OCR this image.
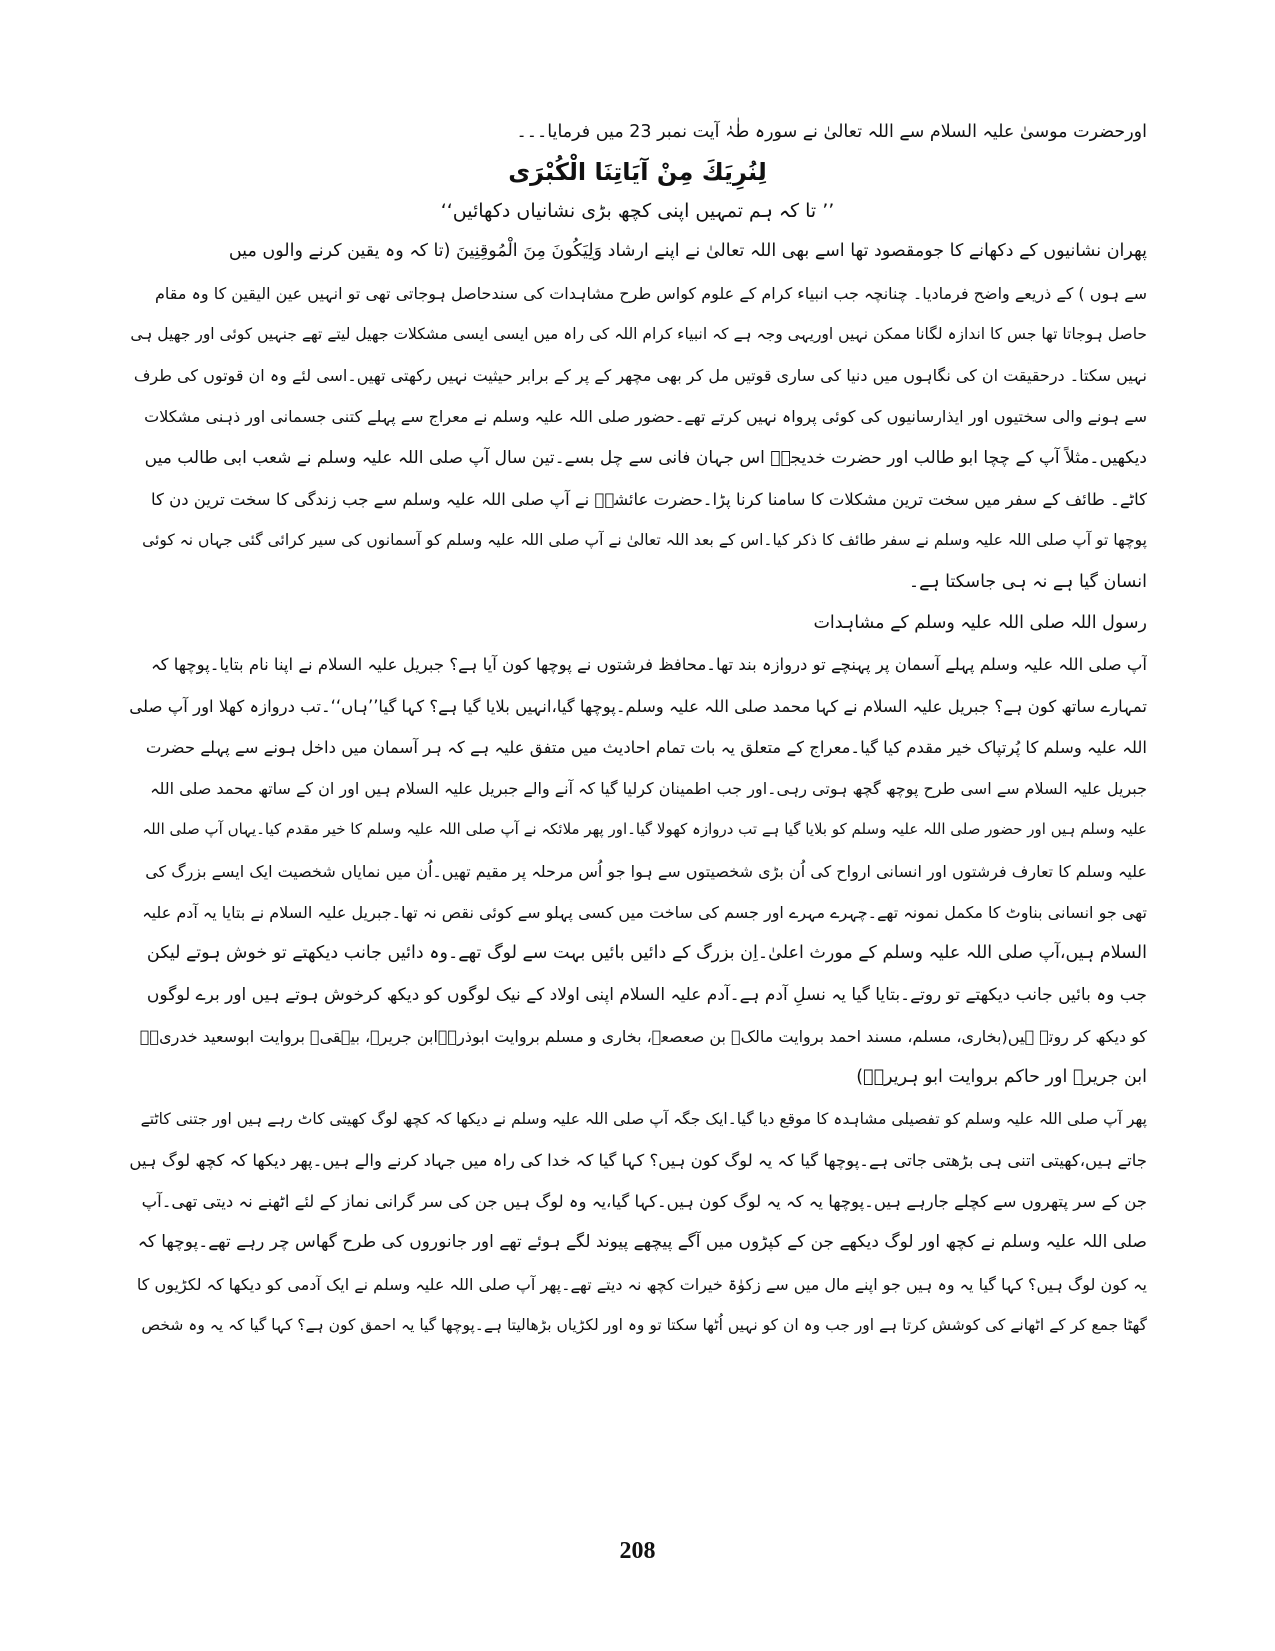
اورحضرت موسیٰ علیہ السلام سے اللہ تعالیٰ نے سورہ طٰہٰ آیت نمبر 23 میں فرمایا۔۔۔
لِنُرِيَكَ مِنْ آيَاتِنَا الْكُبْرَى
’’ تا کہ ہم تمہیں اپنی کچھ بڑی نشانیاں دکھائیں‘‘
پھران نشانیوں کے دکھانے کا جومقصود تھا اسے بھی اللہ تعالیٰ نے اپنے ارشاد وَلِيَكُونَ مِنَ الْمُوقِنِينَ (تا کہ وہ یقین کرنے والوں میں
سے ہوں ) کے ذریعے واضح فرمادیا۔ چنانچہ جب انبیاء کرام کے علوم کواس طرح مشاہدات کی سندحاصل ہوجاتی تھی تو انہیں عین الیقین کا وہ مقام
حاصل ہوجاتا تھا جس کا اندازہ لگانا ممکن نہیں اوریہی وجہ ہے کہ انبیاء کرام اللہ کی راہ میں ایسی ایسی مشکلات جھیل لیتے تھے جنہیں کوئی اور جھیل ہی
نہیں سکتا۔ درحقیقت ان کی نگاہوں میں دنیا کی ساری قوتیں مل کر بھی مچھر کے پر کے برابر حیثیت نہیں رکھتی تھیں۔اسی لئے وہ ان قوتوں کی طرف
سے ہونے والی سختیوں اور ایذارسانیوں کی کوئی پرواہ نہیں کرتے تھے۔حضور صلی اللہ علیہ وسلم نے معراج سے پہلے کتنی جسمانی اور ذہنی مشکلات
دیکھیں۔مثلاً آپ کے چچا ابو طالب اور حضرت خدیجہؓ اس جہان فانی سے چل بسے۔تین سال آپ صلی اللہ علیہ وسلم نے شعب ابی طالب میں
کاٹے۔ طائف کے سفر میں سخت ترین مشکلات کا سامنا کرنا پڑا۔حضرت عائشہؓ نے آپ صلی اللہ علیہ وسلم سے جب زندگی کا سخت ترین دن کا
پوچھا تو آپ صلی اللہ علیہ وسلم نے سفر طائف کا ذکر کیا۔اس کے بعد اللہ تعالیٰ نے آپ صلی اللہ علیہ وسلم کو آسمانوں کی سیر کرائی گئی جہاں نہ کوئی
انسان گیا ہے نہ ہی جاسکتا ہے۔
رسول اللہ صلی اللہ علیہ وسلم کے مشاہدات
آپ صلی اللہ علیہ وسلم پہلے آسمان پر پہنچے تو دروازہ بند تھا۔محافظ فرشتوں نے پوچھا کون آیا ہے؟ جبریل علیہ السلام نے اپنا نام بتایا۔پوچھا کہ
تمہارے ساتھ کون ہے؟ جبریل علیہ السلام نے کہا محمد صلی اللہ علیہ وسلم۔پوچھا گیا،انہیں بلایا گیا ہے؟ کہا گیا’’ہاں‘‘۔تب دروازہ کھلا اور آپ صلی
اللہ علیہ وسلم کا پُرتپاک خیر مقدم کیا گیا۔معراج کے متعلق یہ بات تمام احادیث میں متفق علیہ ہے کہ ہر آسمان میں داخل ہونے سے پہلے حضرت
جبریل علیہ السلام سے اسی طرح پوچھ گچھ ہوتی رہی۔اور جب اطمینان کرلیا گیا کہ آنے والے جبریل علیہ السلام ہیں اور ان کے ساتھ محمد صلی اللہ
علیہ وسلم ہیں اور حضور صلی اللہ علیہ وسلم کو بلایا گیا ہے تب دروازہ کھولا گیا۔اور پھر ملائکہ نے آپ صلی اللہ علیہ وسلم کا خیر مقدم کیا۔یہاں آپ صلی اللہ
علیہ وسلم کا تعارف فرشتوں اور انسانی ارواح کی اُن بڑی شخصیتوں سے ہوا جو اُس مرحلہ پر مقیم تھیں۔اُن میں نمایاں شخصیت ایک ایسے بزرگ کی
تھی جو انسانی بناوٹ کا مکمل نمونہ تھے۔چہرے مہرے اور جسم کی ساخت میں کسی پہلو سے کوئی نقص نہ تھا۔جبریل علیہ السلام نے بتایا یہ آدم علیہ
السلام ہیں،آپ صلی اللہ علیہ وسلم کے مورث اعلیٰ۔اِن بزرگ کے دائیں بائیں بہت سے لوگ تھے۔وہ دائیں جانب دیکھتے تو خوش ہوتے لیکن
جب وہ بائیں جانب دیکھتے تو روتے۔بتایا گیا یہ نسلِ آدم ہے۔آدم علیہ السلام اپنی اولاد کے نیک لوگوں کو دیکھ کرخوش ہوتے ہیں اور برے لوگوں
کو دیکھ کر روتے ہیں(بخاری، مسلم، مسند احمد بروایت مالکؓ بن صعصعہ، بخاری و مسلم بروایت ابوذرؓ۔ابن جریرؒ، بیہقیؒ بروایت ابوسعید خدریؓ۔
ابن جریرؒ اور حاکم بروایت ابو ہریرہؓ)
پھر آپ صلی اللہ علیہ وسلم کو تفصیلی مشاہدہ کا موقع دیا گیا۔ایک جگہ آپ صلی اللہ علیہ وسلم نے دیکھا کہ کچھ لوگ کھیتی کاٹ رہے ہیں اور جتنی کاٹتے
جاتے ہیں،کھیتی اتنی ہی بڑھتی جاتی ہے۔پوچھا گیا کہ یہ لوگ کون ہیں؟ کہا گیا کہ خدا کی راہ میں جہاد کرنے والے ہیں۔پھر دیکھا کہ کچھ لوگ ہیں
جن کے سر پتھروں سے کچلے جارہے ہیں۔پوچھا یہ کہ یہ لوگ کون ہیں۔کہا گیا،یہ وہ لوگ ہیں جن کی سر گرانی نماز کے لئے اٹھنے نہ دیتی تھی۔آپ
صلی اللہ علیہ وسلم نے کچھ اور لوگ دیکھے جن کے کپڑوں میں آگے پیچھے پیوند لگے ہوئے تھے اور جانوروں کی طرح گھاس چر رہے تھے۔پوچھا کہ
یہ کون لوگ ہیں؟ کہا گیا یہ وہ ہیں جو اپنے مال میں سے زکوٰۃ خیرات کچھ نہ دیتے تھے۔پھر آپ صلی اللہ علیہ وسلم نے ایک آدمی کو دیکھا کہ لکڑیوں کا
گھٹا جمع کر کے اٹھانے کی کوشش کرتا ہے اور جب وہ ان کو نہیں اُٹھا سکتا تو وہ اور لکڑیاں بڑھالیتا ہے۔پوچھا گیا یہ احمق کون ہے؟ کہا گیا کہ یہ وہ شخص
208
